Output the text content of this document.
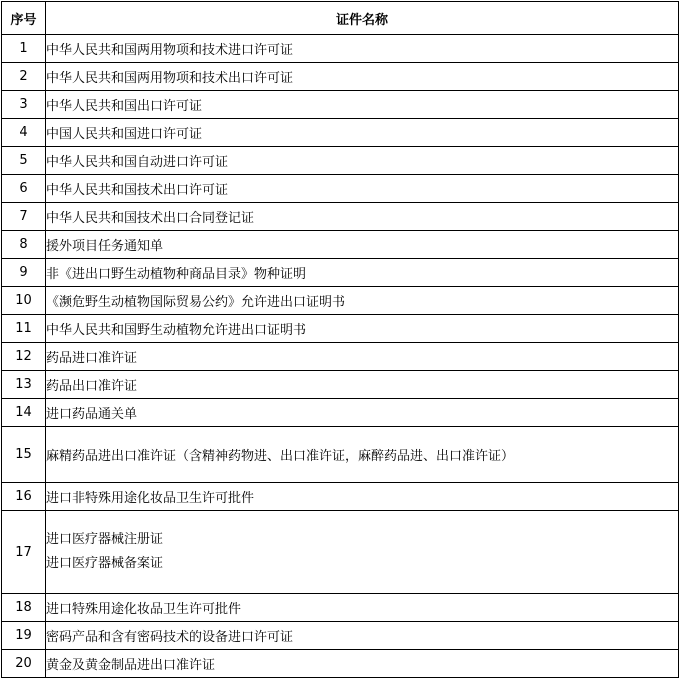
序号	证件名称
1	中华人民共和国两用物项和技术进口许可证
2	中华人民共和国两用物项和技术出口许可证
3	中华人民共和国出口许可证
4	中国人民共和国进口许可证
5	中华人民共和国自动进口许可证
6	中华人民共和国技术出口许可证
7	中华人民共和国技术出口合同登记证
8	援外项目任务通知单
9	非《进出口野生动植物种商品目录》物种证明
10	《濒危野生动植物国际贸易公约》允许进出口证明书
11	中华人民共和国野生动植物允许进出口证明书
12	药品进口准许证
13	药品出口准许证
14	进口药品通关单
15	麻精药品进出口准许证（含精神药物进、出口准许证，麻醉药品进、出口准许证）
16	进口非特殊用途化妆品卫生许可批件
17	进口医疗器械注册证
进口医疗器械备案证

18	进口特殊用途化妆品卫生许可批件
19	密码产品和含有密码技术的设备进口许可证
20	黄金及黄金制品进出口准许证
